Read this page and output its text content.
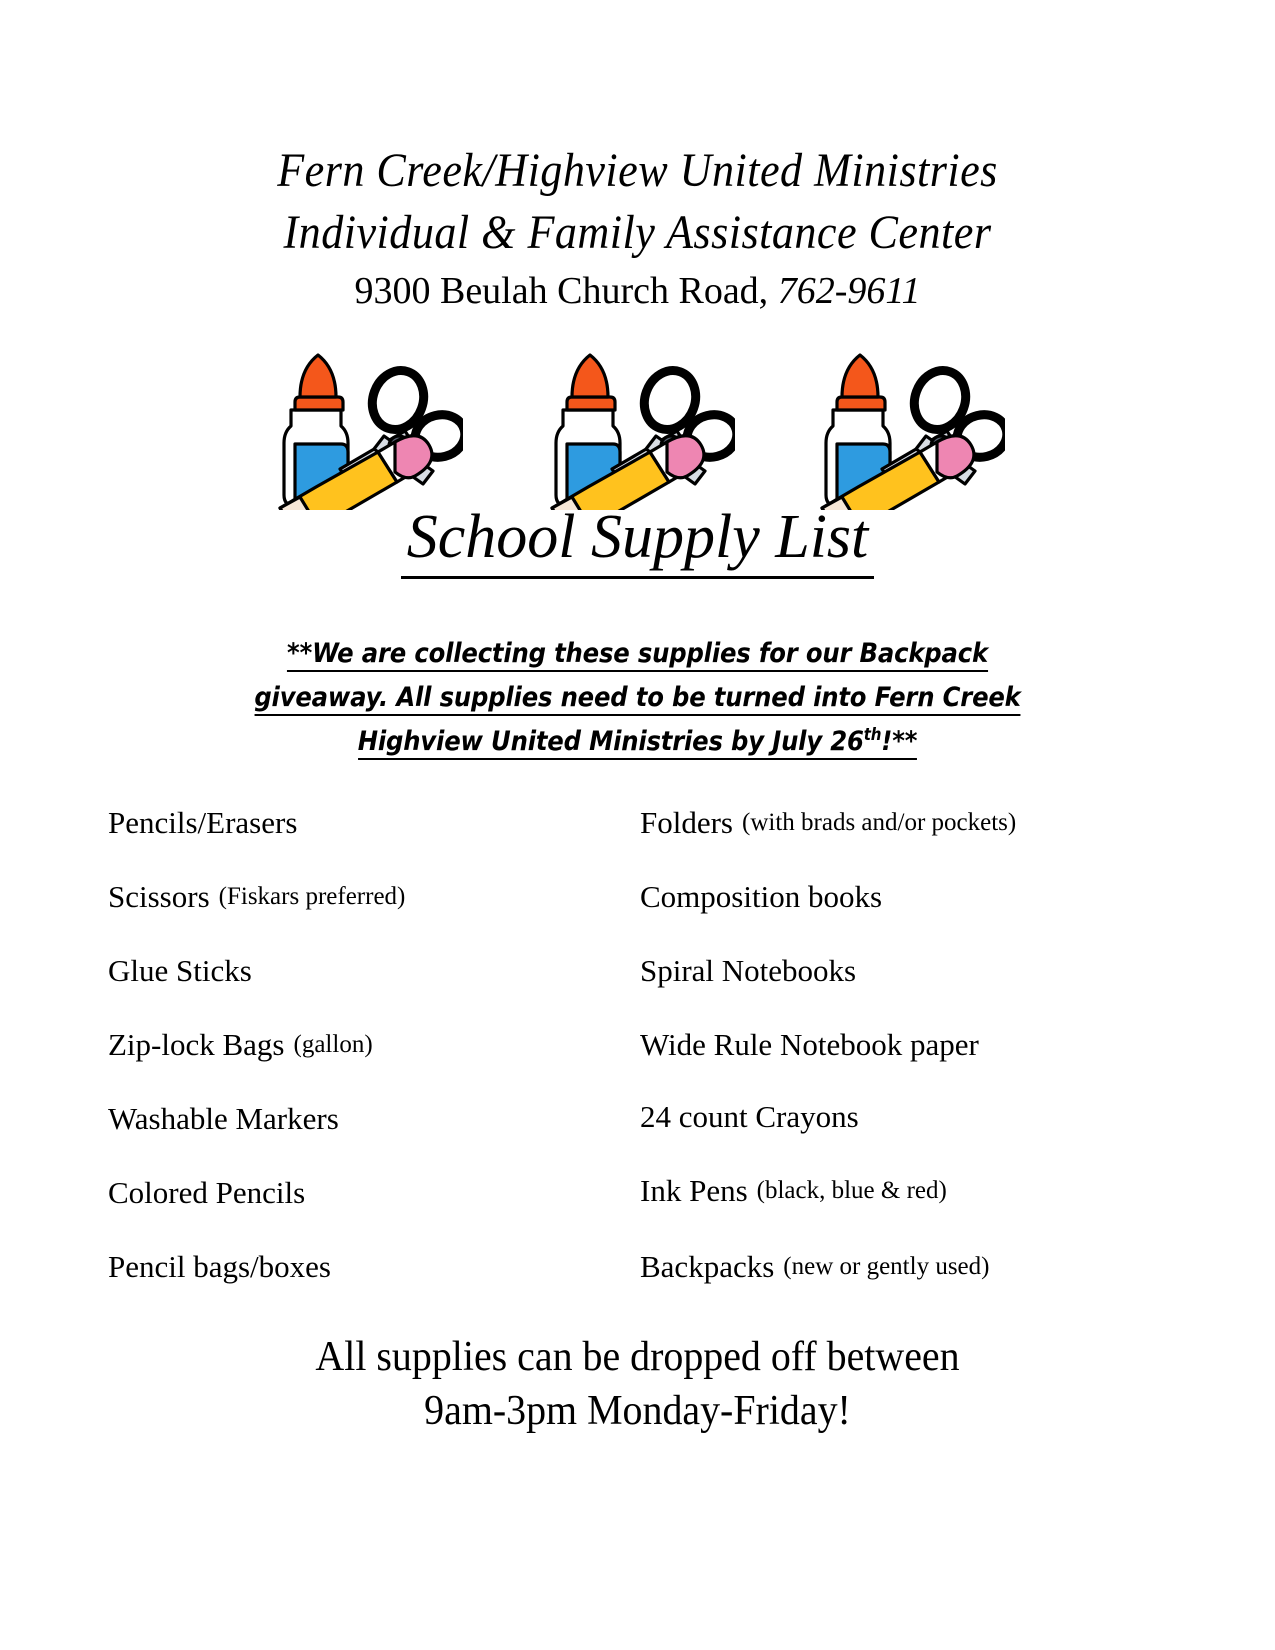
Fern Creek/Highview United Ministries
Individual & Family Assistance Center
9300 Beulah Church Road, 762-9611
School Supply List
**We are collecting these supplies for our Backpack
giveaway. All supplies need to be turned into Fern Creek
Highview United Ministries by July 26th!**
Pencils/Erasers
Scissors (Fiskars preferred)
Glue Sticks
Zip-lock Bags (gallon)
Washable Markers
Colored Pencils
Pencil bags/boxes
Folders (with brads and/or pockets)
Composition books
Spiral Notebooks
Wide Rule Notebook paper
24 count Crayons
Ink Pens (black, blue & red)
Backpacks (new or gently used)
All supplies can be dropped off between
9am-3pm Monday-Friday!
